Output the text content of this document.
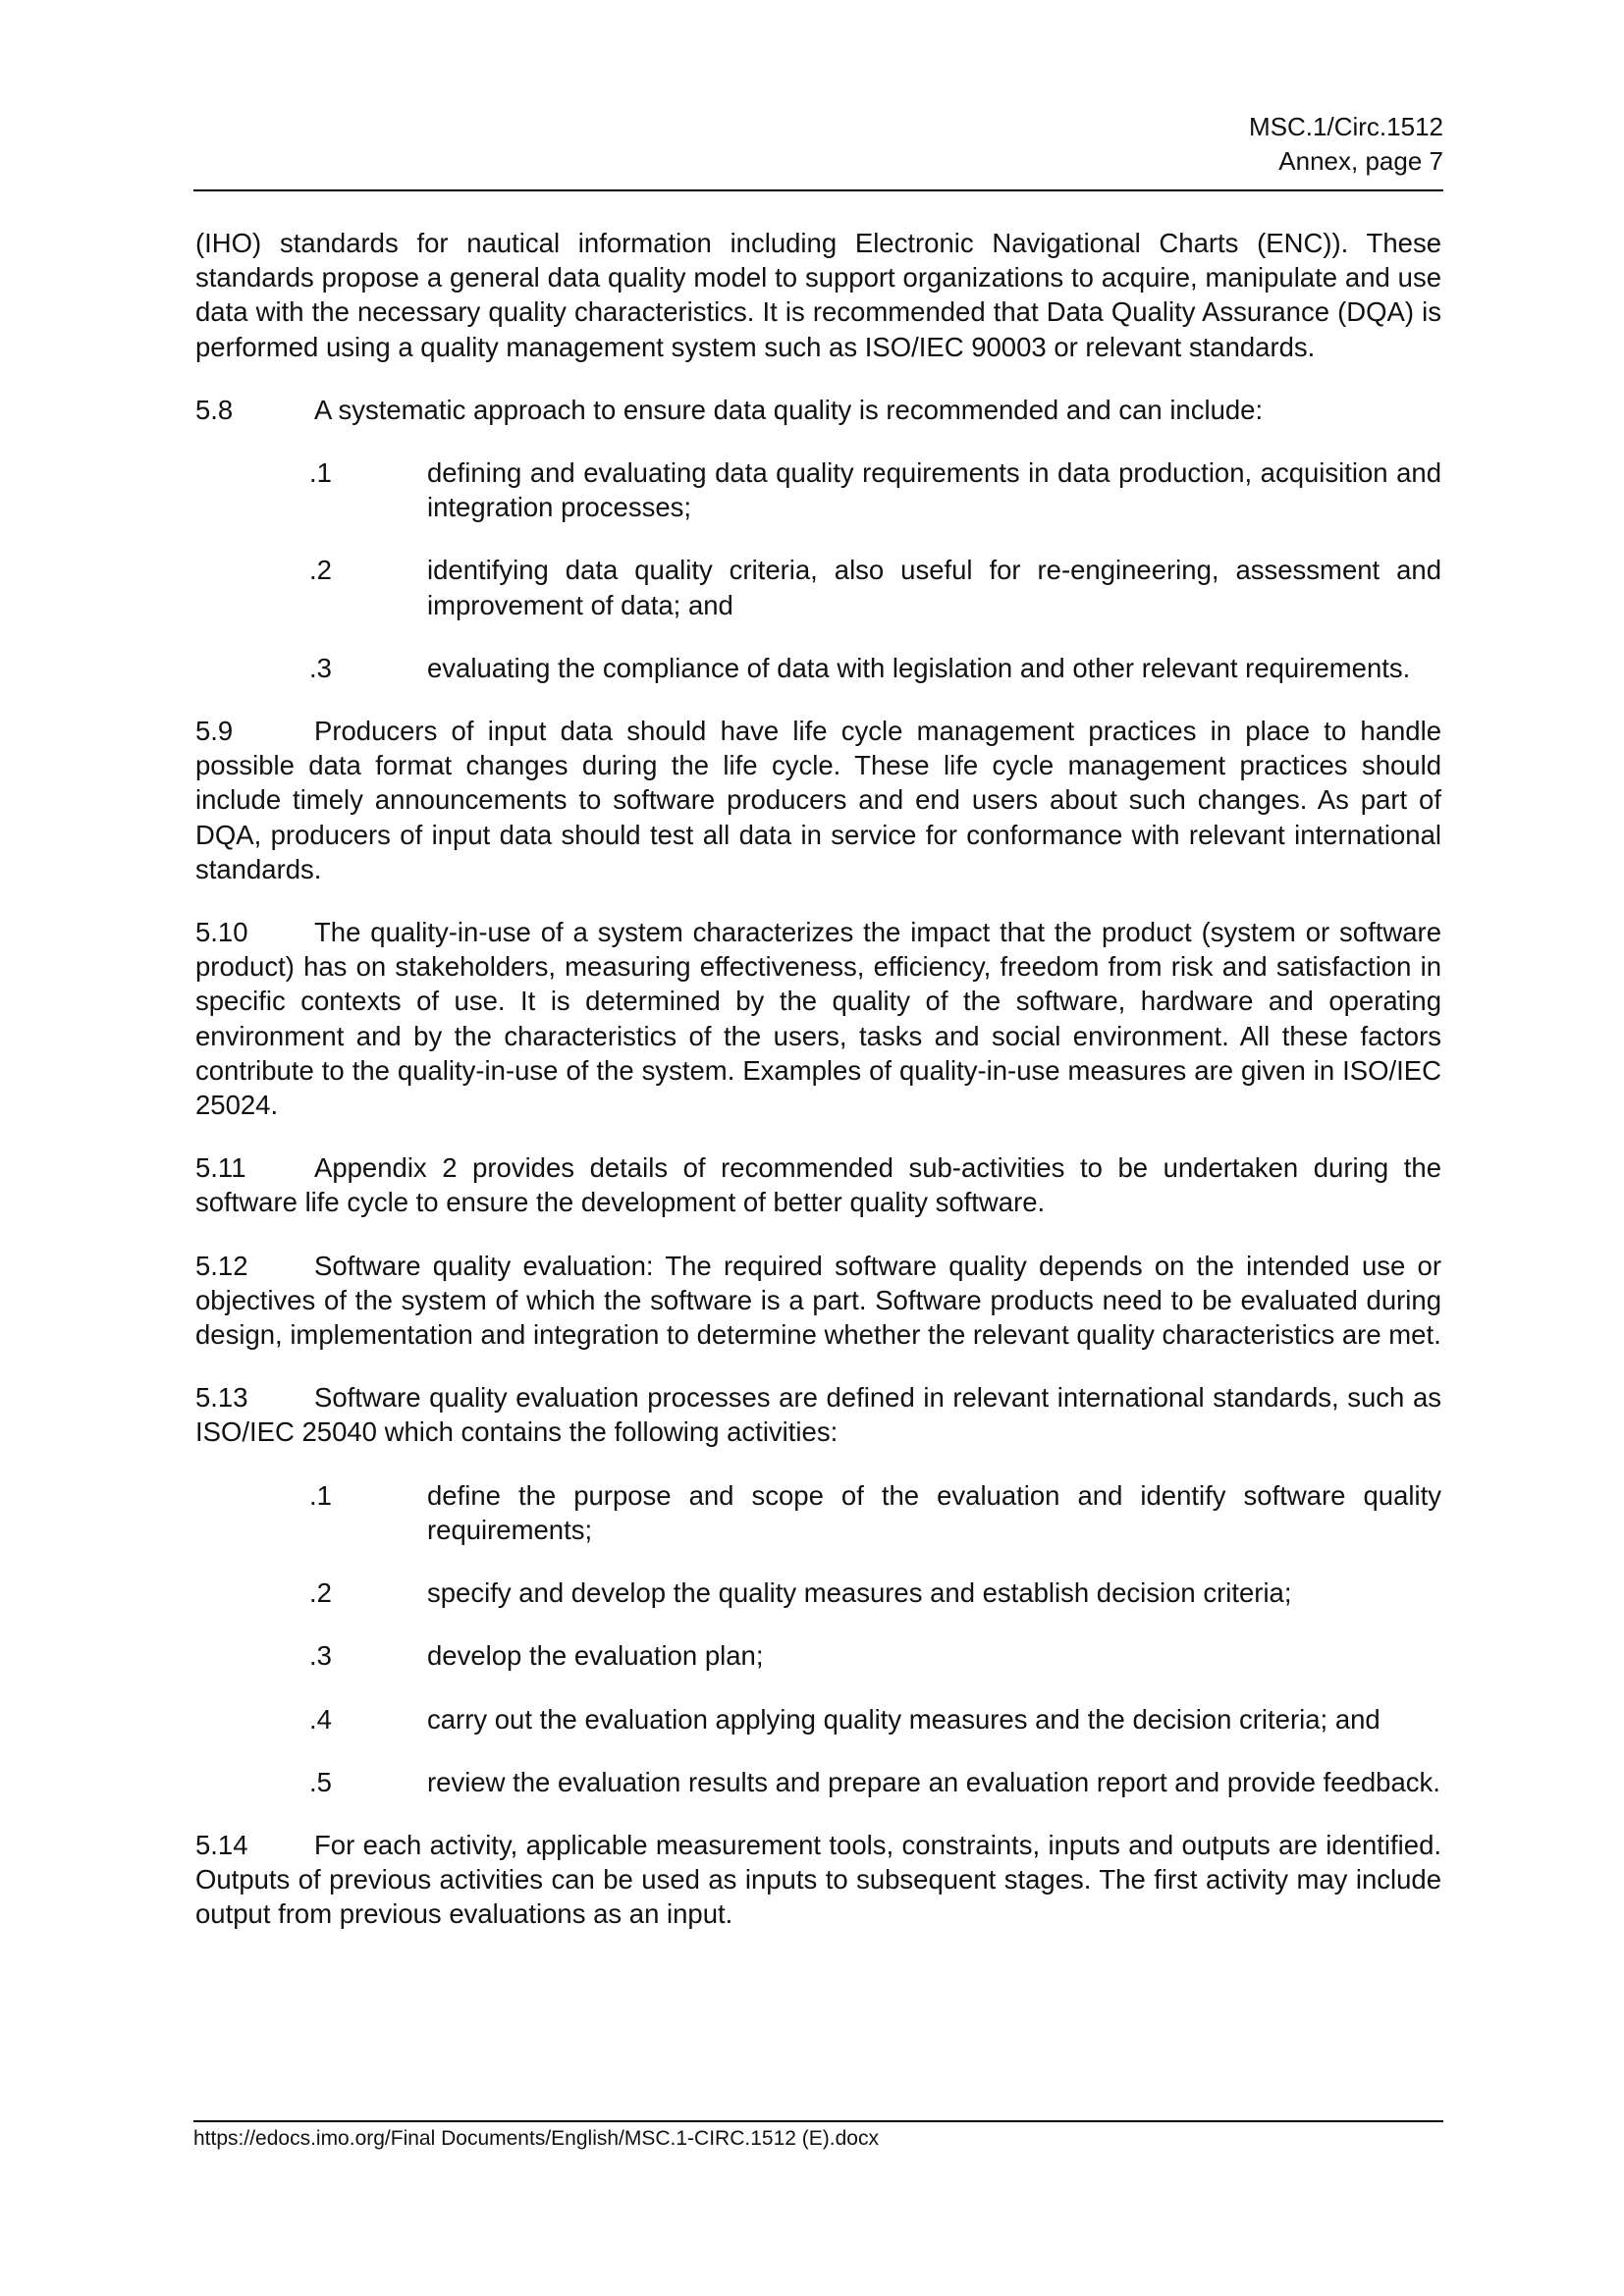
MSC.1/Circ.1512
Annex, page 7

(IHO) standards for nautical information including Electronic Navigational Charts (ENC)). These standards propose a general data quality model to support organizations to acquire, manipulate and use data with the necessary quality characteristics. It is recommended that Data Quality Assurance (DQA) is performed using a quality management system such as ISO/IEC 90003 or relevant standards.

5.8	A systematic approach to ensure data quality is recommended and can include:

.1	defining and evaluating data quality requirements in data production, acquisition and integration processes;
.2	identifying data quality criteria, also useful for re-engineering, assessment and improvement of data; and
.3	evaluating the compliance of data with legislation and other relevant requirements.

5.9	Producers of input data should have life cycle management practices in place to handle possible data format changes during the life cycle. These life cycle management practices should include timely announcements to software producers and end users about such changes. As part of DQA, producers of input data should test all data in service for conformance with relevant international standards.

5.10 The quality-in-use of a system characterizes the impact that the product (system or software product) has on stakeholders, measuring effectiveness, efficiency, freedom from risk and satisfaction in specific contexts of use. It is determined by the quality of the software, hardware and operating environment and by the characteristics of the users, tasks and social environment. All these factors contribute to the quality-in-use of the system. Examples of quality-in-use measures are given in ISO/IEC 25024.

5.11	Appendix 2 provides details of recommended sub-activities to be undertaken during the software life cycle to ensure the development of better quality software.

5.12 Software quality evaluation: The required software quality depends on the intended use or objectives of the system of which the software is a part. Software products need to be evaluated during design, implementation and integration to determine whether the relevant quality characteristics are met.

5.13 Software quality evaluation processes are defined in relevant international standards, such as ISO/IEC 25040 which contains the following activities:

.1	define the purpose and scope of the evaluation and identify software quality requirements;
.2	specify and develop the quality measures and establish decision criteria;
.3	develop the evaluation plan;
.4	carry out the evaluation applying quality measures and the decision criteria; and
.5	review the evaluation results and prepare an evaluation report and provide feedback.

5.14 For each activity, applicable measurement tools, constraints, inputs and outputs are identified. Outputs of previous activities can be used as inputs to subsequent stages. The first activity may include output from previous evaluations as an input.

https://edocs.imo.org/Final Documents/English/MSC.1-CIRC.1512 (E).docx
